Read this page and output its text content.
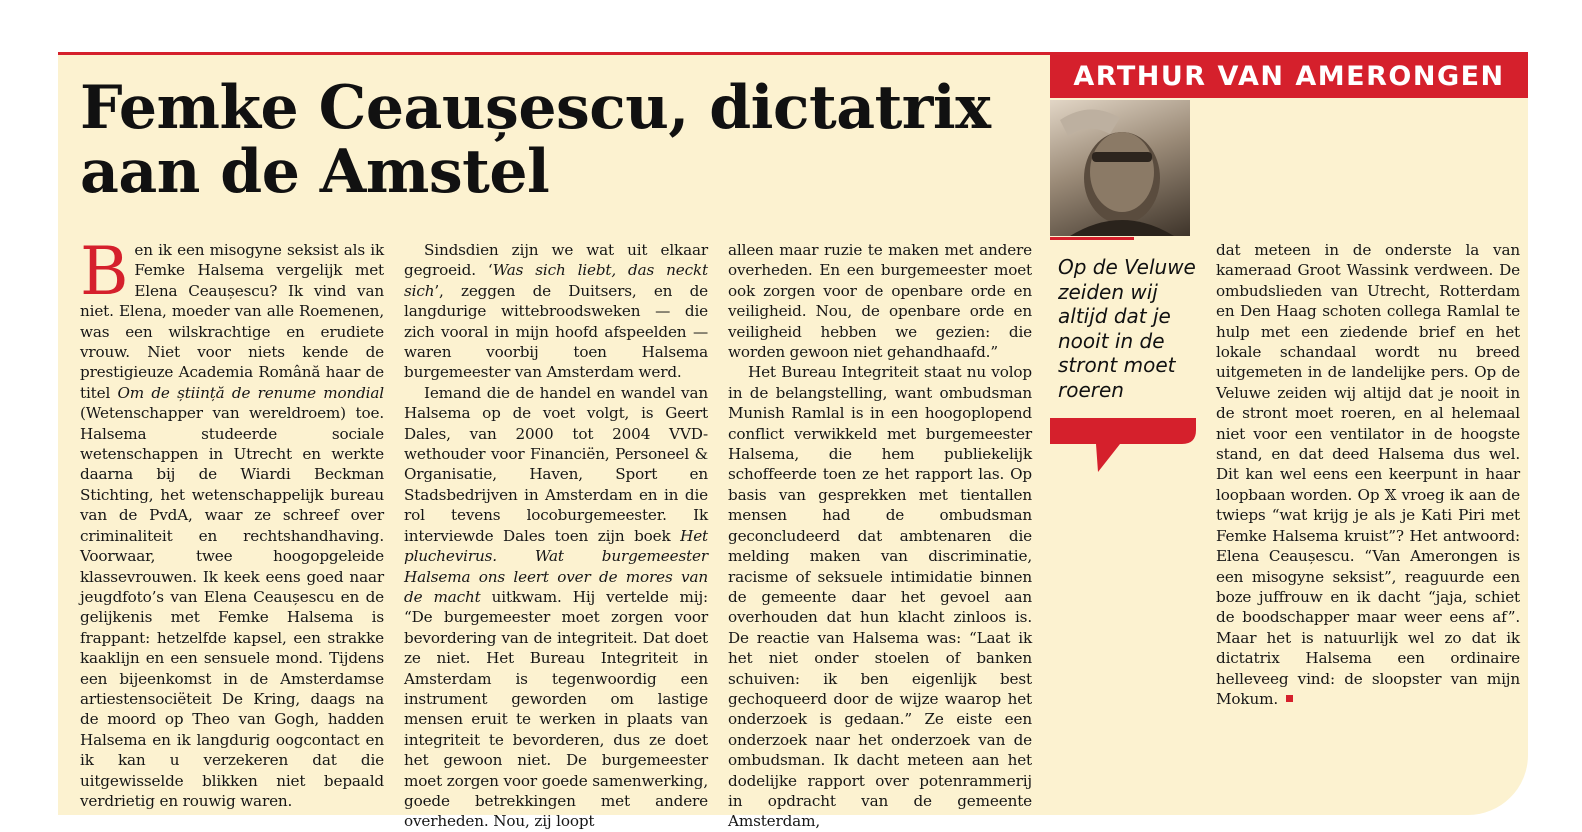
Femke Ceaușescu, dictatrix
aan de Amstel
ARTHUR VAN AMERONGEN

Op de Veluwe zeiden wij altijd dat je nooit in de stront moet roeren

Ben ik een misogyne seksist als ik Femke Halsema vergelijk met Elena Ceaușescu? Ik vind van niet. Elena, moeder van alle Roemenen, was een wilskrachtige en erudiete vrouw. Niet voor niets kende de prestigieuze Academia Română haar de titel Om de știință de renume mondial (Wetenschapper van wereldroem) toe. Halsema studeerde sociale wetenschappen in Utrecht en werkte daarna bij de Wiardi Beckman Stichting, het wetenschappelijk bureau van de PvdA, waar ze schreef over criminaliteit en rechtshandhaving. Voorwaar, twee hoogopgeleide klassevrouwen. Ik keek eens goed naar jeugdfoto’s van Elena Ceaușescu en de gelijkenis met Femke Halsema is frappant: hetzelfde kapsel, een strakke kaaklijn en een sensuele mond. Tijdens een bijeenkomst in de Amsterdamse artiestensociëteit De Kring, daags na de moord op Theo van Gogh, hadden Halsema en ik langdurig oogcontact en ik kan u verzekeren dat die uitgewisselde blikken niet bepaald verdrietig en rouwig waren.

Sindsdien zijn we wat uit elkaar gegroeid. ‘Was sich liebt, das neckt sich’, zeggen de Duitsers, en de langdurige wittebroodsweken — die zich vooral in mijn hoofd afspeelden — waren voorbij toen Halsema burgemeester van Amsterdam werd.

Iemand die de handel en wandel van Halsema op de voet volgt, is Geert Dales, van 2000 tot 2004 VVD-wethouder voor Financiën, Personeel & Organisatie, Haven, Sport en Stadsbedrijven in Amsterdam en in die rol tevens locoburgemeester. Ik interviewde Dales toen zijn boek Het pluchevirus. Wat burgemeester Halsema ons leert over de mores van de macht uitkwam. Hij vertelde mij: “De burgemeester moet zorgen voor bevordering van de integriteit. Dat doet ze niet. Het Bureau Integriteit in Amsterdam is tegenwoordig een instrument geworden om lastige mensen eruit te werken in plaats van integriteit te bevorderen, dus ze doet het gewoon niet. De burgemeester moet zorgen voor goede samenwerking, goede betrekkingen met andere overheden. Nou, zij loopt

alleen maar ruzie te maken met andere overheden. En een burgemeester moet ook zorgen voor de openbare orde en veiligheid. Nou, de openbare orde en veiligheid hebben we gezien: die worden gewoon niet gehandhaafd.”

Het Bureau Integriteit staat nu volop in de belangstelling, want ombudsman Munish Ramlal is in een hoogoplopend conflict verwikkeld met burgemeester Halsema, die hem publiekelijk schoffeerde toen ze het rapport las. Op basis van gesprekken met tientallen mensen had de ombudsman geconcludeerd dat ambtenaren die melding maken van discriminatie, racisme of seksuele intimidatie binnen de gemeente daar het gevoel aan overhouden dat hun klacht zinloos is. De reactie van Halsema was: “Laat ik het niet onder stoelen of banken schuiven: ik ben eigenlijk best gechoqueerd door de wijze waarop het onderzoek is gedaan.” Ze eiste een onderzoek naar het onderzoek van de ombudsman. Ik dacht meteen aan het dodelijke rapport over potenrammerij in opdracht van de gemeente Amsterdam,

dat meteen in de onderste la van kameraad Groot Wassink verdween. De ombudslieden van Utrecht, Rotterdam en Den Haag schoten collega Ramlal te hulp met een ziedende brief en het lokale schandaal wordt nu breed uitgemeten in de landelijke pers. Op de Veluwe zeiden wij altijd dat je nooit in de stront moet roeren, en al helemaal niet voor een ventilator in de hoogste stand, en dat deed Halsema dus wel. Dit kan wel eens een keerpunt in haar loopbaan worden. Op 𝕏 vroeg ik aan de twieps “wat krijg je als je Kati Piri met Femke Halsema kruist”? Het antwoord: Elena Ceaușescu. “Van Amerongen is een misogyne seksist”, reaguurde een boze juffrouw en ik dacht “jaja, schiet de boodschapper maar weer eens af”. Maar het is natuurlijk wel zo dat ik dictatrix Halsema een ordinaire helleveeg vind: de sloopster van mijn Mokum.
